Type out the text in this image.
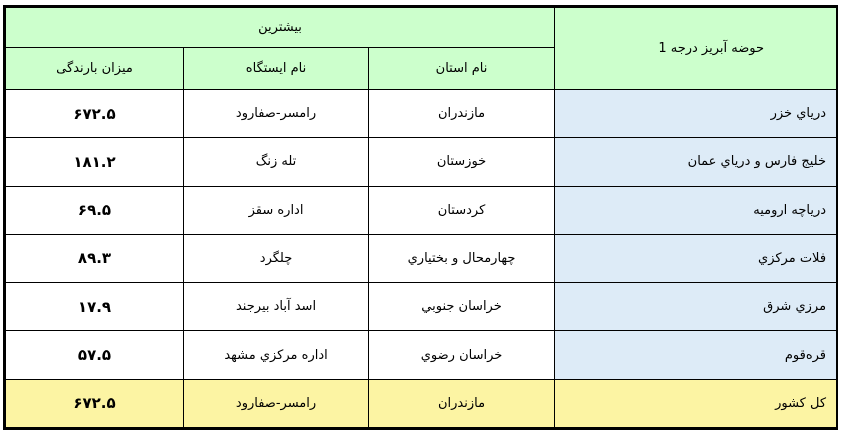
حوضه آبریز درجه 1	بیشترین		
	نام استان	نام ایستگاه	میزان بارندگی
درياي خزر	مازندران	رامسر-صفارود	۶۷۲.۵
خليج فارس و درياي عمان	خوزستان	تله زنگ	۱۸۱.۲
درياچه اروميه	كردستان	اداره سقز	۶۹.۵
فلات مركزي	چهارمحال و بختياري	چلگرد	۸۹.۳
مرزي شرق	خراسان جنوبي	اسد آباد بيرجند	۱۷.۹
قره‌قوم	خراسان رضوي	اداره مركزي مشهد	۵۷.۵
كل كشور	مازندران	رامسر-صفارود	۶۷۲.۵
